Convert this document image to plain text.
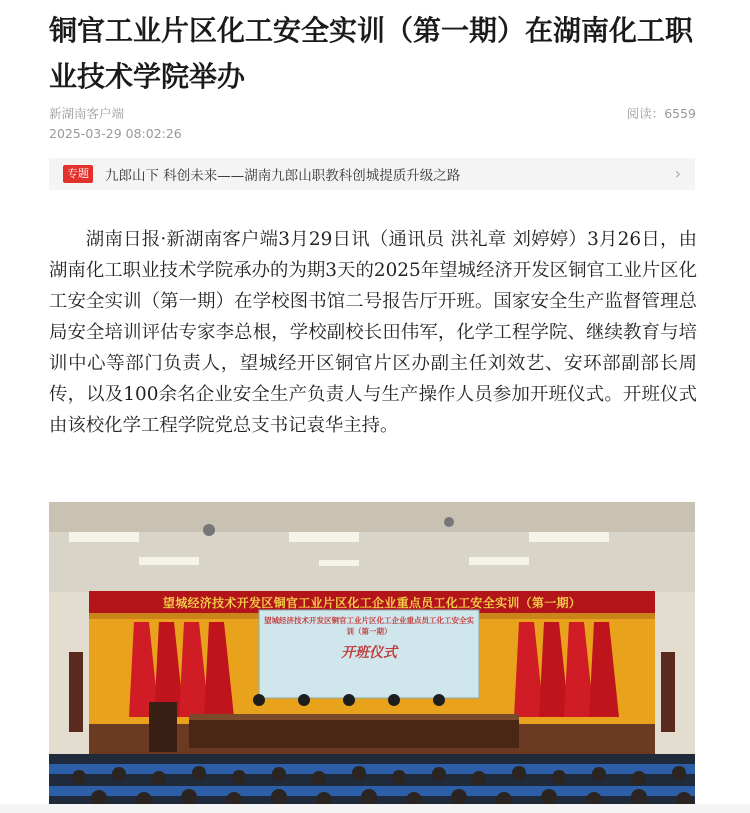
铜官工业片区化工安全实训（第一期）在湖南化工职业技术学院举办
新湖南客户端
2025-03-29 08:02:26
阅读：6559
专题 九郎山下 科创未来——湖南九郎山职教科创城提质升级之路	›

湖南日报·新湖南客户端3月29日讯（通讯员 洪礼章 刘婷婷）3月26日，由湖南化工职业技术学院承办的为期3天的2025年望城经济开发区铜官工业片区化工安全实训（第一期）在学校图书馆二号报告厅开班。国家安全生产监督管理总局安全培训评估专家李总根，学校副校长田伟军，化学工程学院、继续教育与培训中心等部门负责人，望城经开区铜官片区办副主任刘效艺、安环部副部长周传，以及100余名企业安全生产负责人与生产操作人员参加开班仪式。开班仪式由该校化学工程学院党总支书记袁华主持。

望城经济技术开发区铜官工业片区化工企业重点员工化工安全实训（第一期）
望城经济技术开发区铜官工业片区化工企业重点员工化工安全实训（第一期）
开班仪式
